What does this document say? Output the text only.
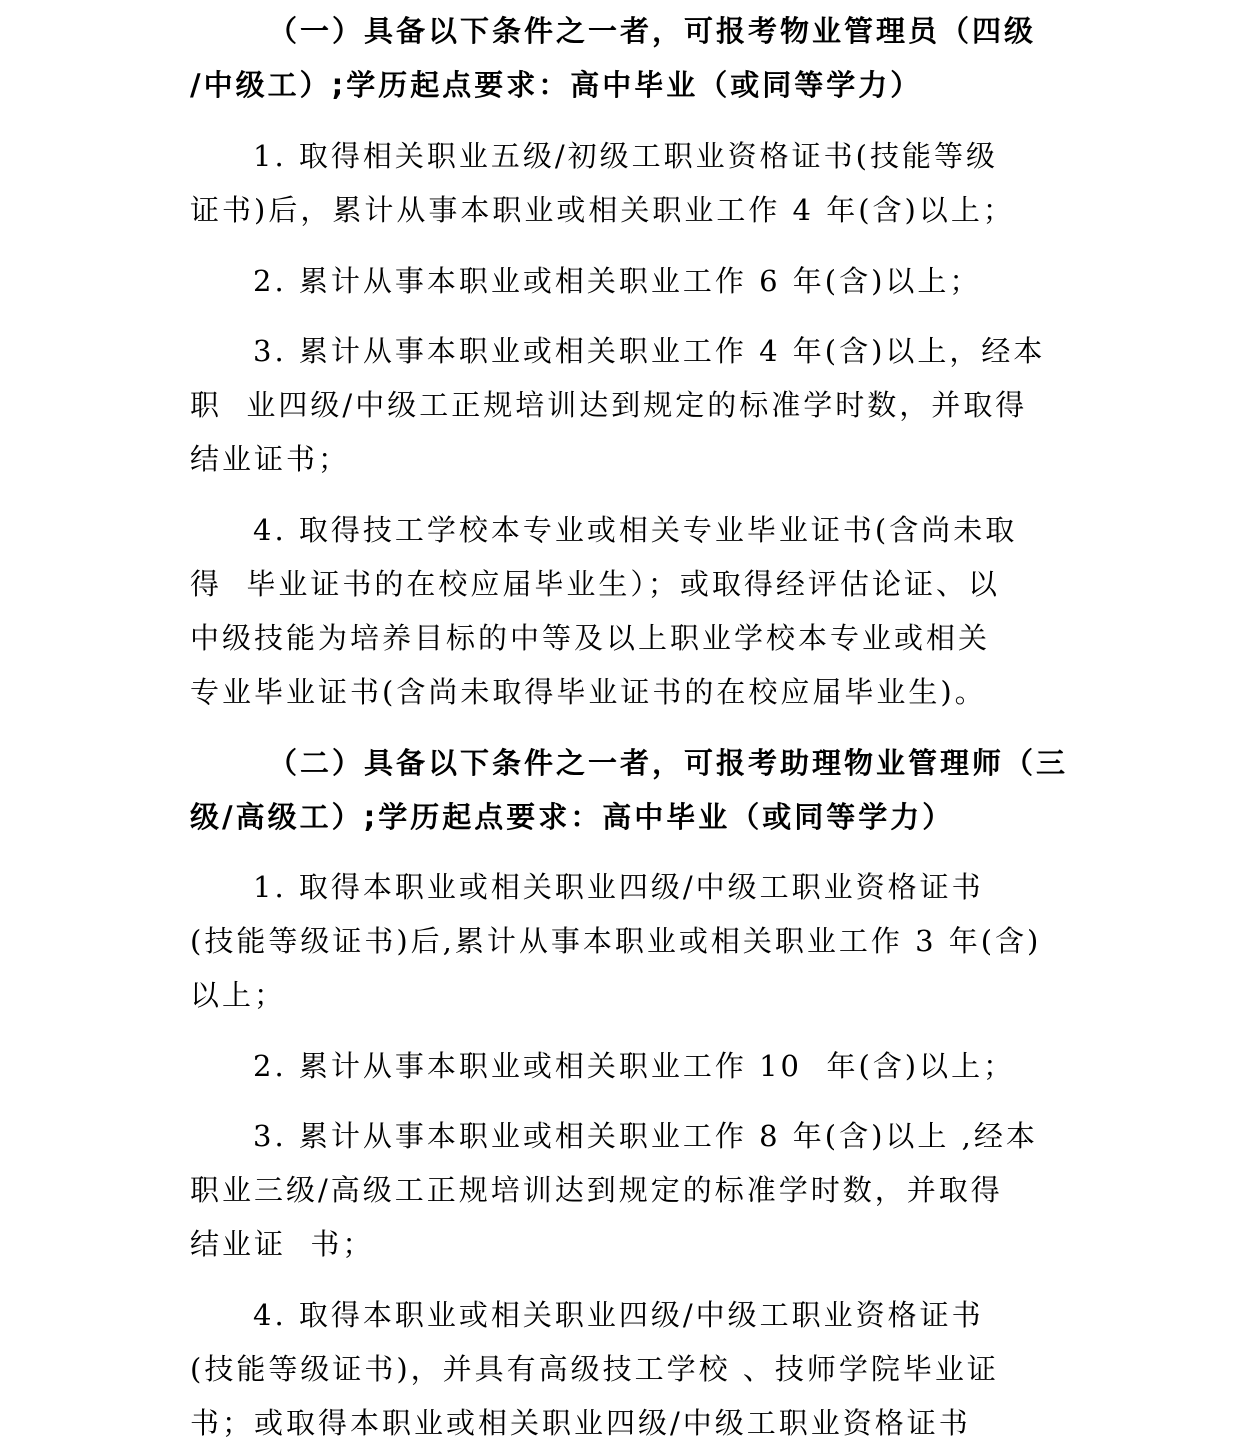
（一）具备以下条件之一者，可报考物业管理员（四级
/中级工）;学历起点要求：高中毕业（或同等学力）
1. 取得相关职业五级/初级工职业资格证书(技能等级
证书)后，累计从事本职业或相关职业工作 4 年(含)以上；
2. 累计从事本职业或相关职业工作 6 年(含)以上；
3. 累计从事本职业或相关职业工作 4 年(含)以上，经本
职  业四级/中级工正规培训达到规定的标准学时数，并取得
结业证书；
4. 取得技工学校本专业或相关专业毕业证书(含尚未取
得  毕业证书的在校应届毕业生）；或取得经评估论证、以
中级技能为培养目标的中等及以上职业学校本专业或相关
专业毕业证书(含尚未取得毕业证书的在校应届毕业生)。
（二）具备以下条件之一者，可报考助理物业管理师（三
级/高级工）;学历起点要求：高中毕业（或同等学力）
1. 取得本职业或相关职业四级/中级工职业资格证书
(技能等级证书)后,累计从事本职业或相关职业工作 3 年(含)
以上；
2. 累计从事本职业或相关职业工作 10  年(含)以上；
3. 累计从事本职业或相关职业工作 8 年(含)以上 ,经本
职业三级/高级工正规培训达到规定的标准学时数，并取得
结业证  书；
4. 取得本职业或相关职业四级/中级工职业资格证书
(技能等级证书)，并具有高级技工学校 、技师学院毕业证
书；或取得本职业或相关职业四级/中级工职业资格证书
